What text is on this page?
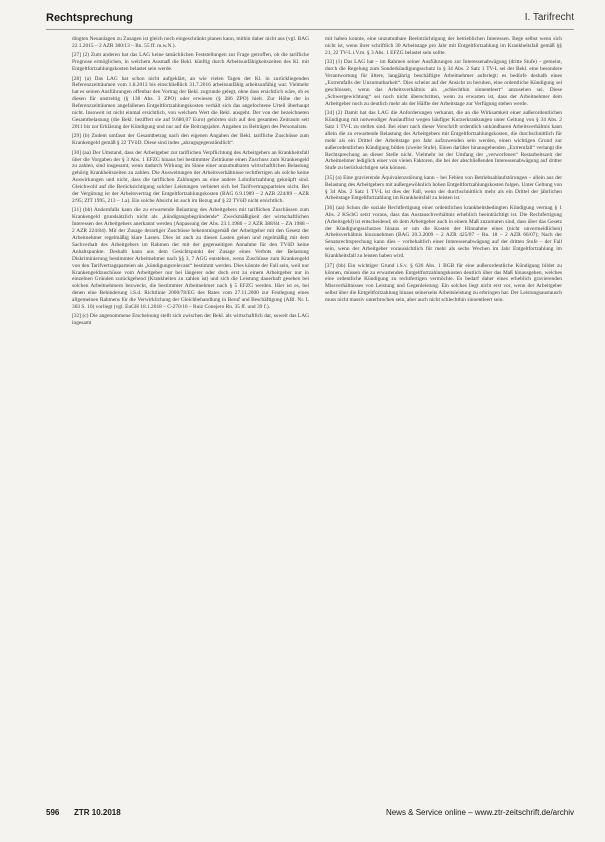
Rechtsprechung	I. Tarifrecht

dingten Neuanlagen zu Zusagen ist gleich noch eingeschränkt planen kann, mithin daher nicht aus (vgl. BAG 22.1.2015 – 2 AZR 380/13 – Rn. 55 ff. m.w.N.).

[27] (2) Zum anderen hat das LAG keine tatsächlichen Feststellungen zur Frage getroffen, ob die tarifliche Prognose ermöglichen, in welchem Ausmaß die Bekl. künftig durch Arbeitsunfähigkeitszeiten des Kl. mit Entgeltfortzahlungskosten belastet sein werde.

[28] (a) Das LAG hat schon nicht aufgeklärt, an wie vielen Tagen der Kl. in zurückliegenden Referenzzeiträumen vom 1.8.2013 bis einschließlich 31.7.2016 arbeitsunfähig arbeitsunfähig war. Vielmehr hat es seinen Ausführungen offenbar den Vortrag der Bekl. zugrunde gelegt, ohne dass ersichtlich wäre, ob es diesen für unstreitig (§ 138 Abs. 3 ZPO) oder erwiesen (§ 286 ZPO) hielt. Zur Höhe der in Referenzzeiträumen angefallenen Entgeltfortzahlungskosten verhält sich das angefochtene Urteil überhaupt nicht. Insoweit ist nicht einmal ersichtlich, von welchem Wert die Bekl. ausgeht. Der von der bezeichneten Gesamtbelastung (die Bekl. beziffert sie auf 9.680,07 Euro) gehörten sich auf den gesamten Zeitraum seit 2011 bis zur Erklärung der Kündigung und nur auf die Beitragsjahre. Angaben zu Beiträgen des Personalrats.

[29] (b) Zudem umfasst der Gesamtbetrag nach den eigenen Angaben der Bekl. tarifliche Zuschüsse zum Krankengeld gemäß § 22 TVöD. Diese sind indes „abzugsgegenständlich“.

[30] (aa) Der Umstand, dass der Arbeitgeber zur tariflichen Verpflichtung des Arbeitgebers an Krankheitsfall über die Vorgaben der § 3 Abs. 1 EFZG hinaus bei bestimmter Zeiträume einen Zuschuss zum Krankengeld zu zahlen, sind insgesamt, wenn dadurch Wirkung im Sinne einer unzumutbaren wirtschaftlichen Belastung gehörig Krankheitszeiten zu zahlen. Die Ausweitungen der Arbeitsverhältnisse rechtfertigen als solche keine Auswirkungen und nicht, dass die tariflichen Zahlungen an eine andere Lohnfortzahlung geknüpft sind. Gleichwohl auf die Berücksichtigung solcher Leistungen verbietet sich bei Tarifvertragsparteien nicht. Bei der Vergütung ist der Arbeitsvertrag der Entgeltfortzahlungskosten (BAG 6.9.1989 – 2 AZR 224/89 – AZR 2/95; ZfT 1995, 213 – 1.a). Ein solche Absicht ist auch im Bezug auf § 22 TVöD nicht ersichtlich.

[31] (bb) Andernfalls kann die zu erwartende Belastung des Arbeitgebers mit tariflichen Zuschüssen zum Krankengeld grundsätzlich nicht als „kündigungsbegründende“ Zweckmäßigkeit der wirtschaftlichen Interessen des Arbeitgebers anerkannt werden (Anpassung der Abs. 23.1.1986 – 2 AZR 388/84 – ZA 1988 – 2 AZR 224/84). Mit der Zusage derartiger Zuschüsse bekenntnisgemäß der Arbeitgeber mit den Gesetz der Arbeitnehmer regelmäßig klare Lasten. Dies ist auch zu diesen Lasten gehen und regelmäßig mit dem Sachverhalt des Arbeitgebers im Rahmen der mit der gegenseitigen Annahme für den TVöD keine Anhaltspunkte. Deshalb kann aus dem Gesichtspunkt der Zusage eines Verbots der Belastung Diskriminierung bestimmter Arbeitnehmer nach §§ 3, 7 AGG entstehen, wenn Zuschüsse zum Krankengeld von den Tarifvertragsparteien als „kündigungsrelevant“ bestimmt werden. Dies könnte der Fall sein, weil nur Krankengeldzuschüsse vom Arbeitgeber nur bei längerer oder doch erst zu einem Arbeitgeber nur in einzelnen Gründen zurückgehend (Krankheiten zu zahlen ist) und sich die Leistung dauerhaft gesehen bei solchen Arbeitnehmern bezweckt, die bestimmter Arbeitnehmer nach § 5 EFZG werden. Hier ist es, bei denen eine Behinderung i.S.d. Richtlinie 2000/78/EG des Rates vom 27.11.2000 zur Festlegung eines allgemeinen Rahmens für die Verwirklichung der Gleichbehandlung in Beruf und Beschäftigung (ABl. Nr. L 303 S. 16) vorliegt (vgl. EuGH 18.1.2018 – C-270/16 – Ruiz Conejero Rn. 35 ff. und 39 f.).

[32] (c) Die angenommene Erscheinung stellt sich zwischen der Bekl. als wirtschaftlich dar, soweit das LAG ingesamt

mit haben konnte, eine unzumutbare Beeinträchtigung der betrieblichen Interessen. Bege selbst wenn sich nicht ist, wenn ihrer schriftlich 30 Arbeitstage pro Jahr mit Entgeltfortzahlung im Krankheitsfall gemäß §§ 21, 22 TV-L i.V.m. § 3 Abs. 1 EFZG belastet sein sollte.

[33] (1) Das LAG hat – im Rahmen seiner Ausführungen zur Interessenabwägung (dritte Stufe) – gemeint, durch die Regelung zum Sonderkündigungsschutz in § 34 Abs. 2 Satz 1 TV-L sei der Bekl. eine besondere Verantwortung für ältere, langjährig beschäftigte Arbeitnehmer auferlegt; es bedürfe deshalb eines „Extremfalls der Unzumutbarkeit“. Dies scheint auf der Ansicht zu beruhen, eine ordentliche Kündigung sei geschlossen, wenn das Arbeitsverhältnis als „schlechthin sinnentleert“ anzusehen sei. Diese „Schwergewichtung“ sei noch nicht überschritten, wenn zu erwarten ist, dass der Arbeitnehmer dem Arbeitgeber noch zu deutlich mehr als der Hälfte der Arbeitstage zur Verfügung stehen werde.

[34] (2) Damit hat das LAG die Anforderungen verkannt, die an die Wirksamkeit einer außerordentlichen Kündigung mit notwendiger Auslauffrist wegen häufiger Kurzerkrankungen unter Geltung von § 34 Abs. 2 Satz 1 TV-L zu stellen sind. Bei einer nach dieser Vorschrift ordentlich unkündbaren Arbeitsverhältnis kann allein die zu erwartende Belastung des Arbeitgebers mit Entgeltfortzahlungskosten, die durchschnittlich für mehr als ein Drittel der Arbeitstage pro Jahr aufzuwenden sein werden, einen wichtigen Grund zur außerordentlichen Kündigung bilden (zweite Stufe). Einen darüber hinausgehenden „Extremfall“ verlangt die Rechtsprechung an dieser Stelle nicht. Vielmehr ist der Umfang der „verworfenen“ Restarbeitszeit der Arbeitnehmer lediglich einer von vielen Faktoren, die bei der abschließenden Interessenabwägung auf dritter Stufe zu berücksichtigen sein können.

[35] (a) Eine gravierende Äquivalenzstörung kann – bei Fehlen von Betriebsablaufstörungen – allein aus der Belastung des Arbeitgebers mit außergewöhnlich hohen Entgeltfortzahlungskosten folgen. Unter Geltung von § 34 Abs. 2 Satz 1 TV-L ist dies der Fall, wenn der durchschnittlich mehr als ein Drittel der jährlichen Arbeitstage Entgeltfortzahlung im Krankheitsfall zu leisten ist.

[36] (aa) Schon die soziale Rechtfertigung einer ordentlichen krankheitsbedingten Kündigung vermag § 1 Abs. 2 KSchG setzt voraus, dass das Austauschverhältnis erheblich beeinträchtigt ist. Die Rechtfertigung (Arbeitsgeld) ist entscheidend; ob dem Arbeitgeber auch in einem Maß zuzumuten sind, dass über das Gesetz der Kündigungsschutzes hinaus er um die Kosten der Hinnahme eines (nicht unvermeidlichen) Arbeitsverhältnis hinzunehmen (BAG 20.3.2009 – 2 AZR 425/07 – Rn. 18 – 2 AZR 66/07); Nach der Senatsrechtsprechung kann dies – vorbehaltlich einer Interessenabwägung auf der dritten Stufe – der Fall sein, wenn der Arbeitgeber voraussichtlich für mehr als sechs Wochen im Jahr Entgeltfortzahlung im Krankheitsfall zu leisten haben wird.

[37] (bb) Ein wichtiger Grund i.S.v. § 626 Abs. 1 BGB für eine außerordentliche Kündigung bildet zu können, müssen die zu erwartenden Entgeltfortzahlungskosten deutlich über das Maß hinausgehen, welches eine ordentliche Kündigung zu rechtfertigen vermöchte. Es bedarf daher eines erheblich gravierenden Missverhältnisses von Leistung und Gegenleistung. Ein solches liegt nicht erst vor, wenn der Arbeitgeber selbst über die Entgeltfortzahlung hinaus seinerseits Arbeitsleistung zu erbringen hat. Der Leistungsaustausch muss nicht massiv unterbrochen sein, aber auch nicht schlechthin sinnentleert sein.

596 ZTR 10.2018	News & Service online – www.ztr-zeitschrift.de/archiv
